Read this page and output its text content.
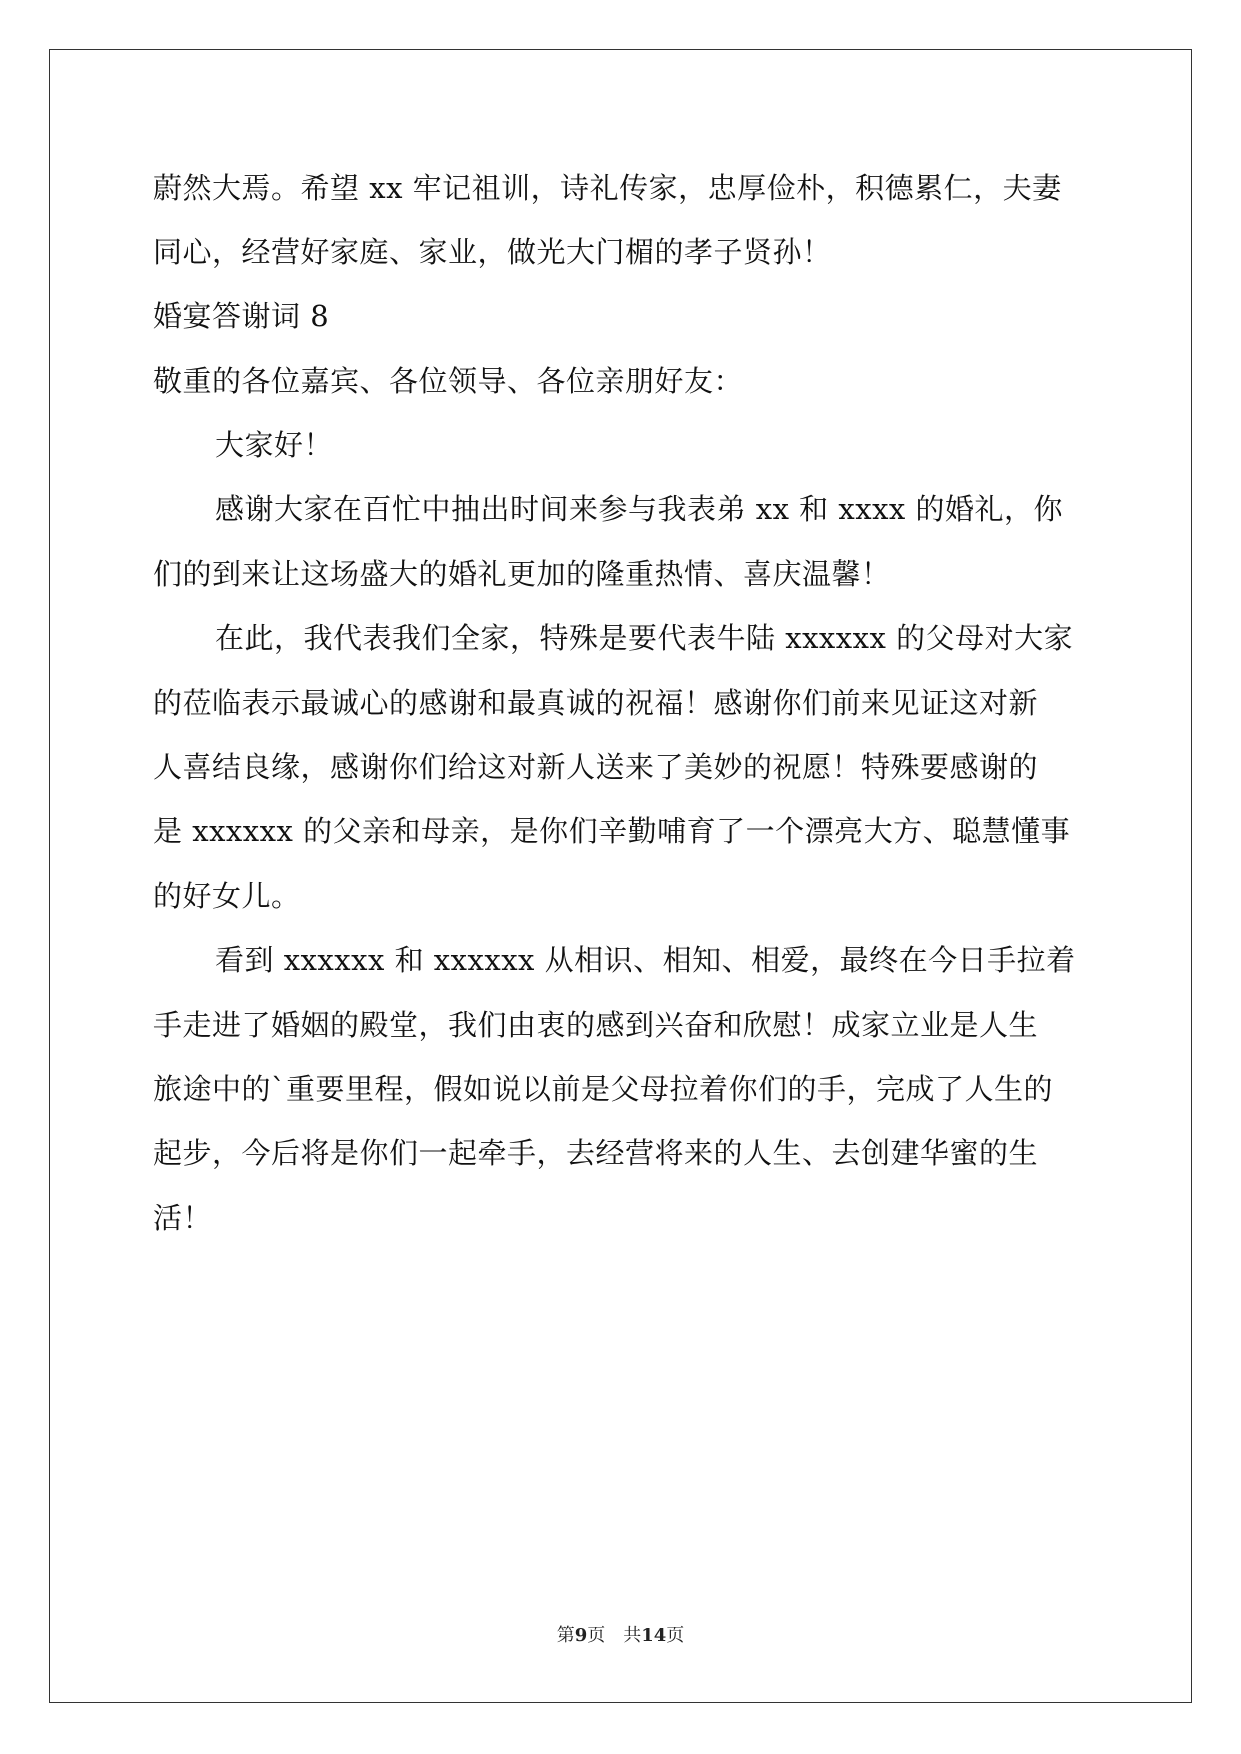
蔚然大焉。希望 xx 牢记祖训，诗礼传家，忠厚俭朴，积德累仁，夫妻
同心，经营好家庭、家业，做光大门楣的孝子贤孙！
婚宴答谢词 8
敬重的各位嘉宾、各位领导、各位亲朋好友：
大家好！
感谢大家在百忙中抽出时间来参与我表弟 xx 和 xxxx 的婚礼，你
们的到来让这场盛大的婚礼更加的隆重热情、喜庆温馨！
在此，我代表我们全家，特殊是要代表牛陆 xxxxxx 的父母对大家
的莅临表示最诚心的感谢和最真诚的祝福！感谢你们前来见证这对新
人喜结良缘，感谢你们给这对新人送来了美妙的祝愿！特殊要感谢的
是 xxxxxx 的父亲和母亲，是你们辛勤哺育了一个漂亮大方、聪慧懂事
的好女儿。
看到 xxxxxx 和 xxxxxx 从相识、相知、相爱，最终在今日手拉着
手走进了婚姻的殿堂，我们由衷的感到兴奋和欣慰！成家立业是人生
旅途中的`重要里程，假如说以前是父母拉着你们的手，完成了人生的
起步，今后将是你们一起牵手，去经营将来的人生、去创建华蜜的生
活！
第9页　共14页
